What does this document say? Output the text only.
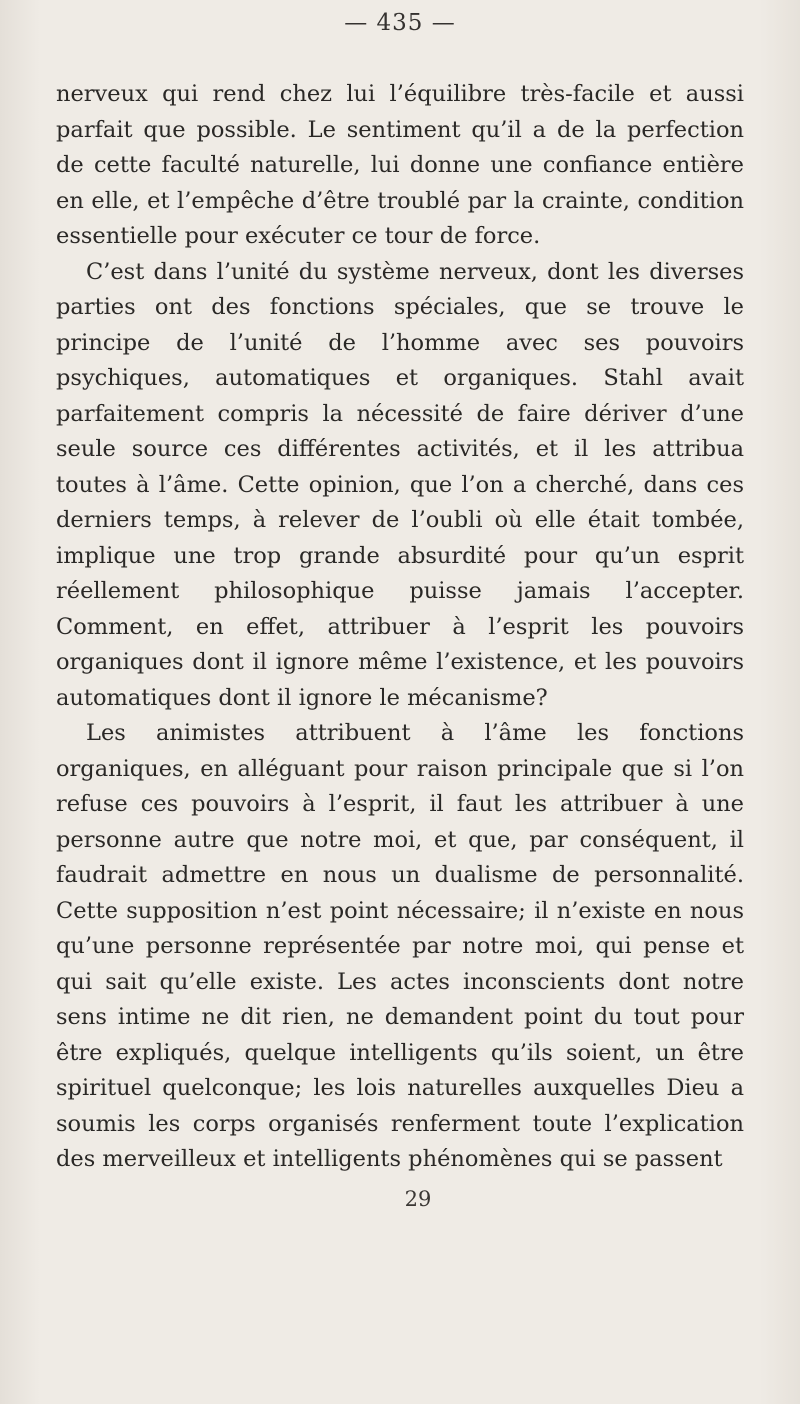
— 435 —

nerveux qui rend chez lui l’équilibre très-facile et aussi parfait que possible. Le sentiment qu’il a de la perfection de cette faculté naturelle, lui donne une confiance entière en elle, et l’empêche d’être troublé par la crainte, condition essentielle pour exécuter ce tour de force.

C’est dans l’unité du système nerveux, dont les diverses parties ont des fonctions spéciales, que se trouve le principe de l’unité de l’homme avec ses pouvoirs psychiques, automatiques et organiques. Stahl avait parfaitement compris la nécessité de faire dériver d’une seule source ces différentes activités, et il les attribua toutes à l’âme. Cette opinion, que l’on a cherché, dans ces derniers temps, à relever de l’oubli où elle était tombée, implique une trop grande absurdité pour qu’un esprit réellement philosophique puisse jamais l’accepter. Comment, en effet, attribuer à l’esprit les pouvoirs organiques dont il ignore même l’existence, et les pouvoirs automatiques dont il ignore le mécanisme?

Les animistes attribuent à l’âme les fonctions organiques, en alléguant pour raison principale que si l’on refuse ces pouvoirs à l’esprit, il faut les attribuer à une personne autre que notre moi, et que, par conséquent, il faudrait admettre en nous un dualisme de personnalité. Cette supposition n’est point nécessaire; il n’existe en nous qu’une personne représentée par notre moi, qui pense et qui sait qu’elle existe. Les actes inconscients dont notre sens intime ne dit rien, ne demandent point du tout pour être expliqués, quelque intelligents qu’ils soient, un être spirituel quelconque; les lois naturelles auxquelles Dieu a soumis les corps organisés renferment toute l’explication des merveilleux et intelligents phénomènes qui se passent

29
